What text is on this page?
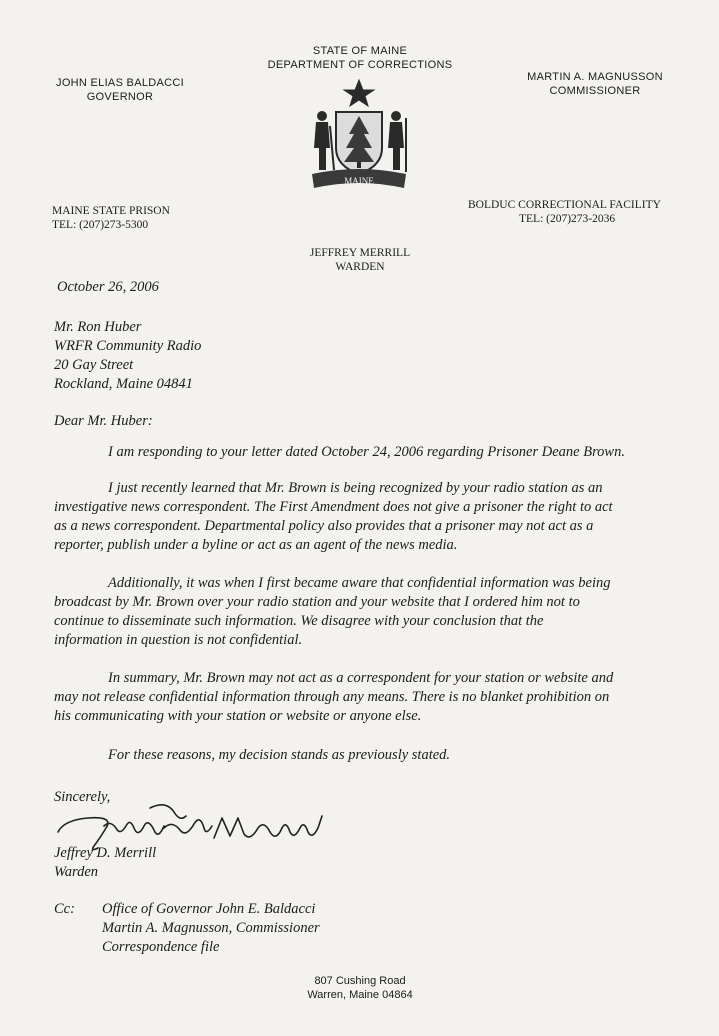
STATE OF MAINE
DEPARTMENT OF CORRECTIONS
JOHN ELIAS BALDACCI
GOVERNOR
MARTIN A. MAGNUSSON
COMMISSIONER
MAINE
MAINE STATE PRISON
TEL: (207)273-5300
BOLDUC CORRECTIONAL FACILITY
TEL: (207)273-2036
JEFFREY MERRILL
WARDEN
October 26, 2006
Mr. Ron Huber
WRFR Community Radio
20 Gay Street
Rockland, Maine 04841
Dear Mr. Huber:
I am responding to your letter dated October 24, 2006 regarding Prisoner Deane Brown.
I just recently learned that Mr. Brown is being recognized by your radio station as an
investigative news correspondent. The First Amendment does not give a prisoner the right to act
as a news correspondent. Departmental policy also provides that a prisoner may not act as a
reporter, publish under a byline or act as an agent of the news media.
Additionally, it was when I first became aware that confidential information was being
broadcast by Mr. Brown over your radio station and your website that I ordered him not to
continue to disseminate such information. We disagree with your conclusion that the
information in question is not confidential.
In summary, Mr. Brown may not act as a correspondent for your station or website and
may not release confidential information through any means. There is no blanket prohibition on
his communicating with your station or website or anyone else.
For these reasons, my decision stands as previously stated.
Sincerely,
Jeffrey D. Merrill
Warden
Cc: Office of Governor John E. Baldacci
Martin A. Magnusson, Commissioner
Correspondence file
807 Cushing Road
Warren, Maine 04864
